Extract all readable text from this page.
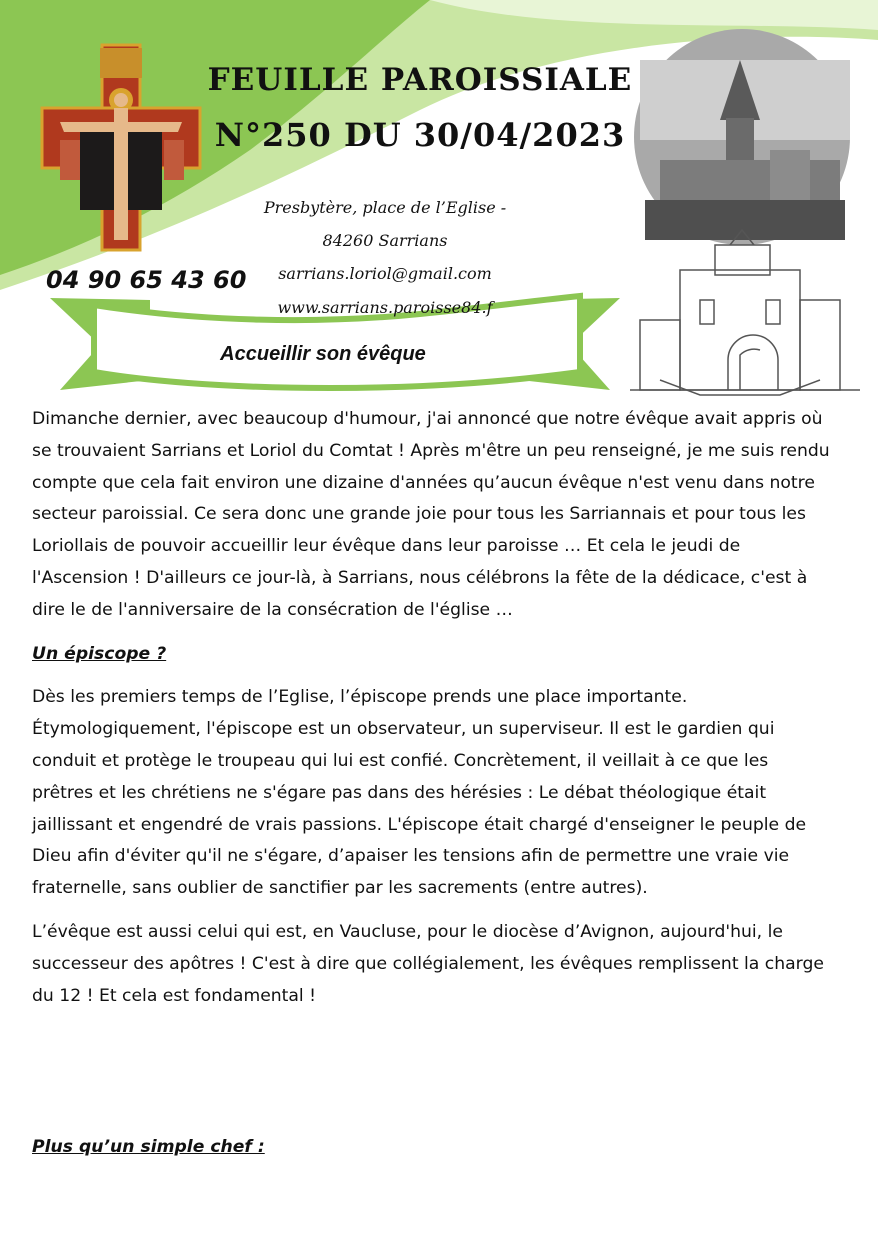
FEUILLE PAROISSIALE
N°250 DU 30/04/2023
Presbytère, place de l’Eglise -
84260 Sarrians
sarrians.loriol@gmail.com
www.sarrians.paroisse84.f
04 90 65 43 60
Accueillir son évêque

Dimanche dernier, avec beaucoup d'humour, j'ai annoncé que notre évêque avait appris où se trouvaient Sarrians et Loriol du Comtat ! Après m'être un peu renseigné, je me suis rendu compte que cela fait environ une dizaine d'années qu’aucun évêque n'est venu dans notre secteur paroissial. Ce sera donc une grande joie pour tous les Sarriannais et pour tous les Loriollais de pouvoir accueillir leur évêque dans leur paroisse … Et cela le jeudi de l'Ascension ! D'ailleurs ce jour-là, à Sarrians, nous célébrons la fête de la dédicace, c'est à dire le de l'anniversaire de la consécration de l'église …

Un épiscope ?

Dès les premiers temps de l’Eglise, l’épiscope prends une place importante. Étymologiquement, l'épiscope est un observateur, un superviseur. Il est le gardien qui conduit et protège le troupeau qui lui est confié. Concrètement, il veillait à ce que les prêtres et les chrétiens ne s'égare pas dans des hérésies : Le débat théologique était jaillissant et engendré de vrais passions. L'épiscope était chargé d'enseigner le peuple de Dieu afin d'éviter qu'il ne s'égare, d’apaiser les tensions afin de permettre une vraie vie fraternelle, sans oublier de sanctifier par les sacrements (entre autres).

L’évêque est aussi celui qui est, en Vaucluse, pour le diocèse d’Avignon, aujourd'hui, le successeur des apôtres ! C'est à dire que collégialement, les évêques remplissent la charge du 12 ! Et cela est fondamental !

Plus qu’un simple chef :
